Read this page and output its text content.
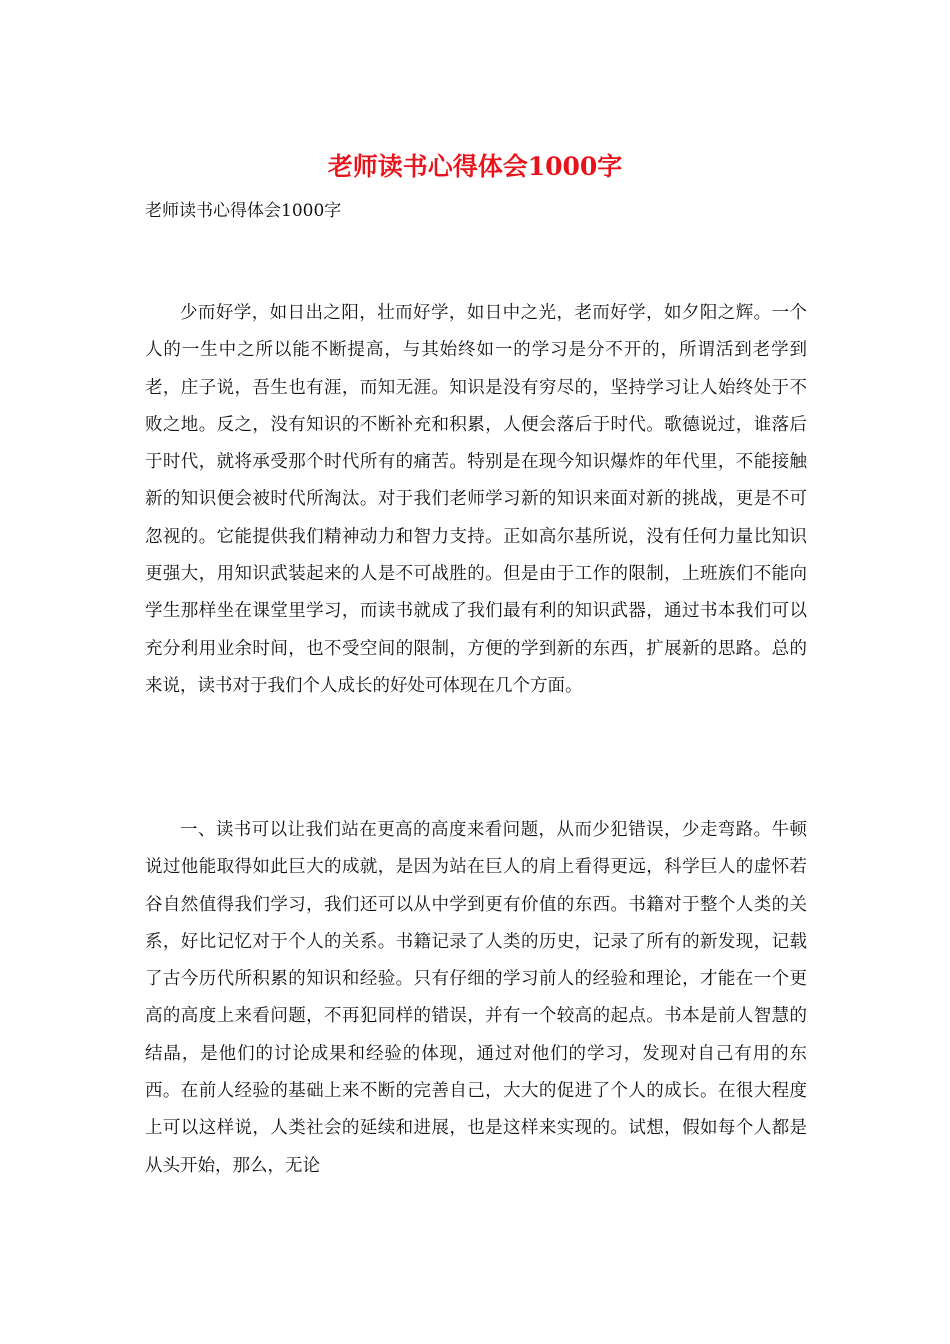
老师读书心得体会1000字

老师读书心得体会1000字

少而好学，如日出之阳，壮而好学，如日中之光，老而好学，如夕阳之辉。一个人的一生中之所以能不断提高，与其始终如一的学习是分不开的，所谓活到老学到老，庄子说，吾生也有涯，而知无涯。知识是没有穷尽的，坚持学习让人始终处于不败之地。反之，没有知识的不断补充和积累，人便会落后于时代。歌德说过，谁落后于时代，就将承受那个时代所有的痛苦。特别是在现今知识爆炸的年代里，不能接触新的知识便会被时代所淘汰。对于我们老师学习新的知识来面对新的挑战，更是不可忽视的。它能提供我们精神动力和智力支持。正如高尔基所说，没有任何力量比知识更强大，用知识武装起来的人是不可战胜的。但是由于工作的限制，上班族们不能向学生那样坐在课堂里学习，而读书就成了我们最有利的知识武器，通过书本我们可以充分利用业余时间，也不受空间的限制，方便的学到新的东西，扩展新的思路。总的来说，读书对于我们个人成长的好处可体现在几个方面。

一、读书可以让我们站在更高的高度来看问题，从而少犯错误，少走弯路。牛顿说过他能取得如此巨大的成就，是因为站在巨人的肩上看得更远，科学巨人的虚怀若谷自然值得我们学习，我们还可以从中学到更有价值的东西。书籍对于整个人类的关系，好比记忆对于个人的关系。书籍记录了人类的历史，记录了所有的新发现，记载了古今历代所积累的知识和经验。只有仔细的学习前人的经验和理论，才能在一个更高的高度上来看问题，不再犯同样的错误，并有一个较高的起点。书本是前人智慧的结晶，是他们的讨论成果和经验的体现，通过对他们的学习，发现对自己有用的东西。在前人经验的基础上来不断的完善自己，大大的促进了个人的成长。在很大程度上可以这样说，人类社会的延续和进展，也是这样来实现的。试想，假如每个人都是从头开始，那么，无论
